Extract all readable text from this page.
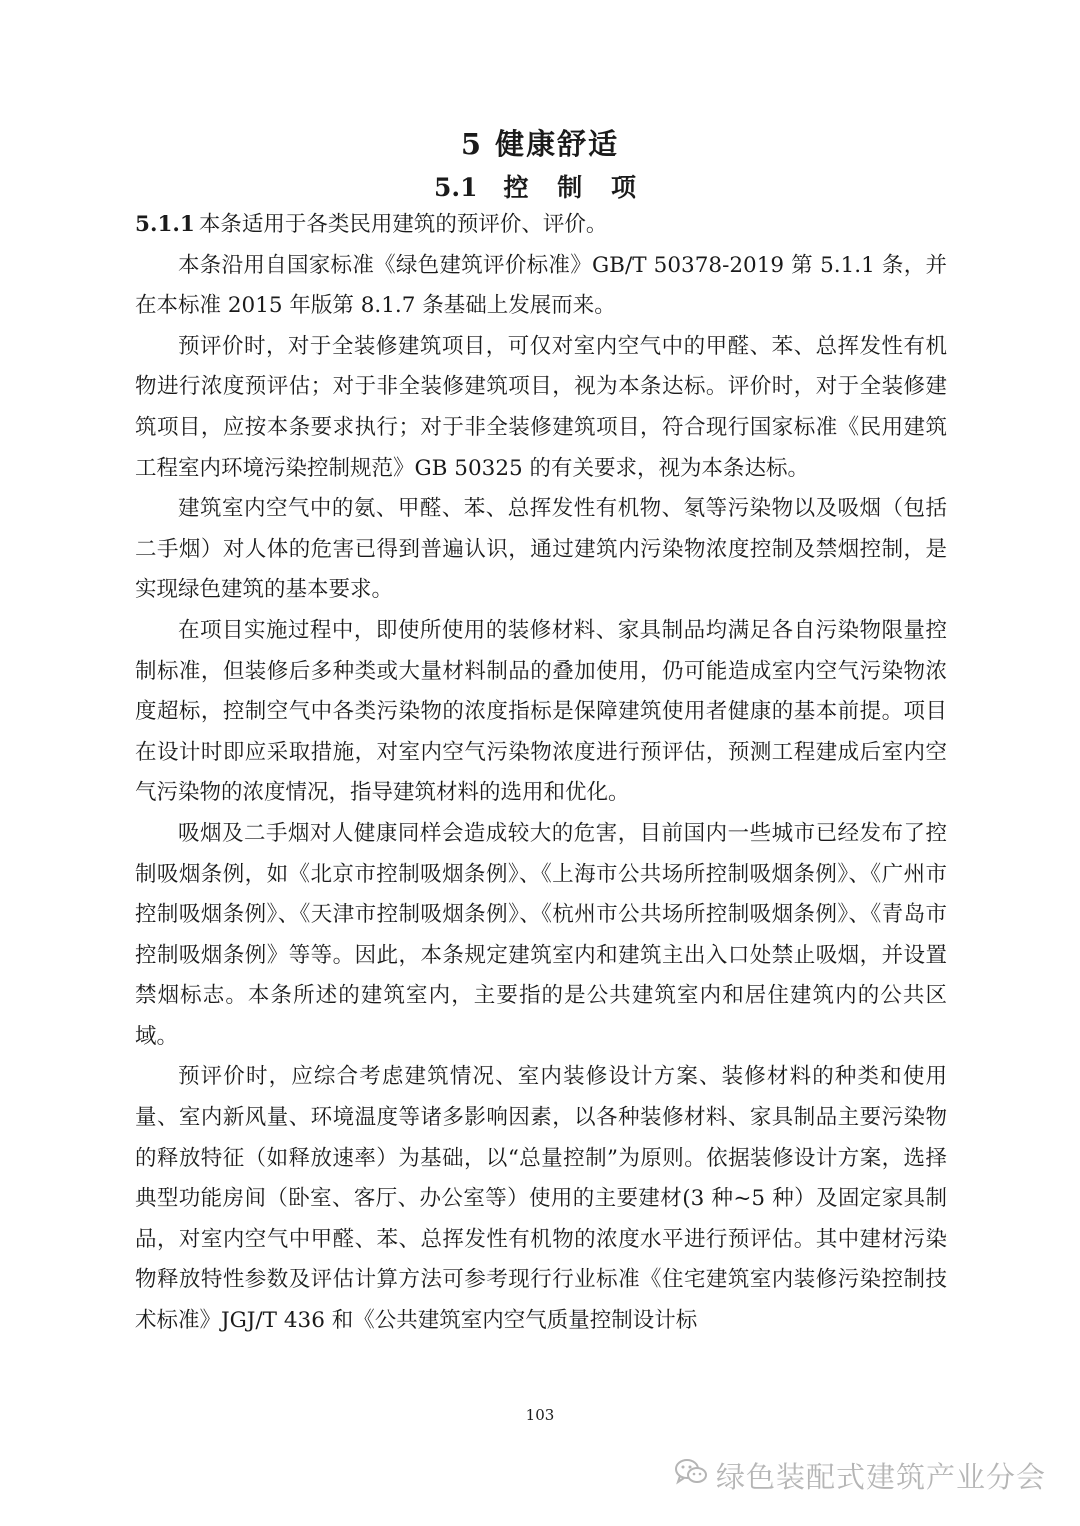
5 健康舒适
5.1 控 制 项

5.1.1 本条适用于各类民用建筑的预评价、评价。

本条沿用自国家标准《绿色建筑评价标准》GB/T 50378-2019 第 5.1.1 条，并在本标准 2015 年版第 8.1.7 条基础上发展而来。

预评价时，对于全装修建筑项目，可仅对室内空气中的甲醛、苯、总挥发性有机物进行浓度预评估；对于非全装修建筑项目，视为本条达标。评价时，对于全装修建筑项目，应按本条要求执行；对于非全装修建筑项目，符合现行国家标准《民用建筑工程室内环境污染控制规范》GB 50325 的有关要求，视为本条达标。

建筑室内空气中的氨、甲醛、苯、总挥发性有机物、氡等污染物以及吸烟（包括二手烟）对人体的危害已得到普遍认识，通过建筑内污染物浓度控制及禁烟控制，是实现绿色建筑的基本要求。

在项目实施过程中，即使所使用的装修材料、家具制品均满足各自污染物限量控制标准，但装修后多种类或大量材料制品的叠加使用，仍可能造成室内空气污染物浓度超标，控制空气中各类污染物的浓度指标是保障建筑使用者健康的基本前提。项目在设计时即应采取措施，对室内空气污染物浓度进行预评估，预测工程建成后室内空气污染物的浓度情况，指导建筑材料的选用和优化。

吸烟及二手烟对人健康同样会造成较大的危害，目前国内一些城市已经发布了控制吸烟条例，如《北京市控制吸烟条例》、《上海市公共场所控制吸烟条例》、《广州市控制吸烟条例》、《天津市控制吸烟条例》、《杭州市公共场所控制吸烟条例》、《青岛市控制吸烟条例》等等。因此，本条规定建筑室内和建筑主出入口处禁止吸烟，并设置禁烟标志。本条所述的建筑室内，主要指的是公共建筑室内和居住建筑内的公共区域。

预评价时，应综合考虑建筑情况、室内装修设计方案、装修材料的种类和使用量、室内新风量、环境温度等诸多影响因素，以各种装修材料、家具制品主要污染物的释放特征（如释放速率）为基础，以“总量控制”为原则。依据装修设计方案，选择典型功能房间（卧室、客厅、办公室等）使用的主要建材(3 种~5 种）及固定家具制品，对室内空气中甲醛、苯、总挥发性有机物的浓度水平进行预评估。其中建材污染物释放特性参数及评估计算方法可参考现行行业标准《住宅建筑室内装修污染控制技术标准》JGJ/T 436 和《公共建筑室内空气质量控制设计标

103
绿色装配式建筑产业分会
